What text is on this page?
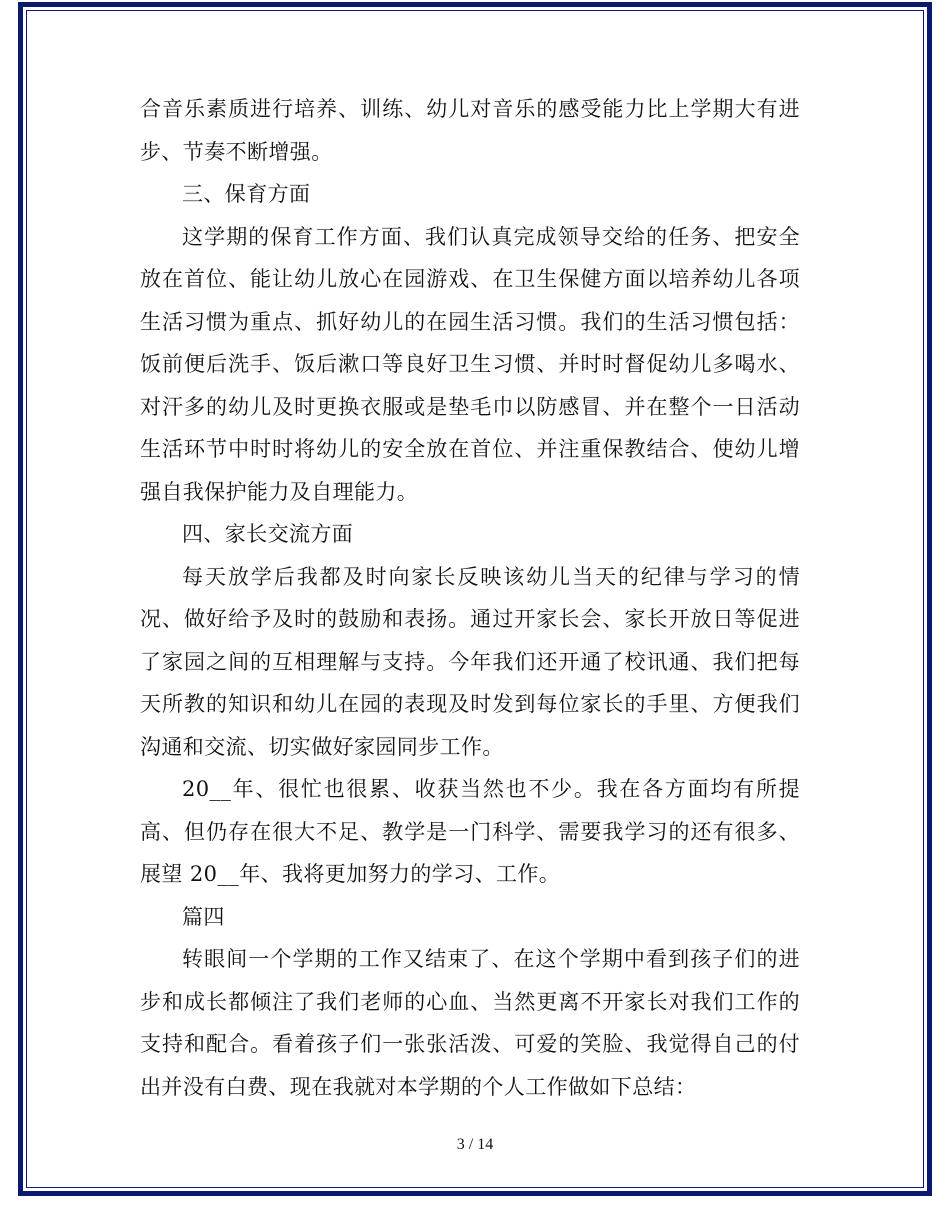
合音乐素质进行培养、训练、幼儿对音乐的感受能力比上学期大有进步、节奏不断增强。

三、保育方面

这学期的保育工作方面、我们认真完成领导交给的任务、把安全放在首位、能让幼儿放心在园游戏、在卫生保健方面以培养幼儿各项生活习惯为重点、抓好幼儿的在园生活习惯。我们的生活习惯包括：饭前便后洗手、饭后漱口等良好卫生习惯、并时时督促幼儿多喝水、对汗多的幼儿及时更换衣服或是垫毛巾以防感冒、并在整个一日活动生活环节中时时将幼儿的安全放在首位、并注重保教结合、使幼儿增强自我保护能力及自理能力。

四、家长交流方面

每天放学后我都及时向家长反映该幼儿当天的纪律与学习的情况、做好给予及时的鼓励和表扬。通过开家长会、家长开放日等促进了家园之间的互相理解与支持。今年我们还开通了校讯通、我们把每天所教的知识和幼儿在园的表现及时发到每位家长的手里、方便我们沟通和交流、切实做好家园同步工作。

20__年、很忙也很累、收获当然也不少。我在各方面均有所提高、但仍存在很大不足、教学是一门科学、需要我学习的还有很多、展望 20__年、我将更加努力的学习、工作。

篇四

转眼间一个学期的工作又结束了、在这个学期中看到孩子们的进步和成长都倾注了我们老师的心血、当然更离不开家长对我们工作的支持和配合。看着孩子们一张张活泼、可爱的笑脸、我觉得自己的付出并没有白费、现在我就对本学期的个人工作做如下总结：

3 / 14
